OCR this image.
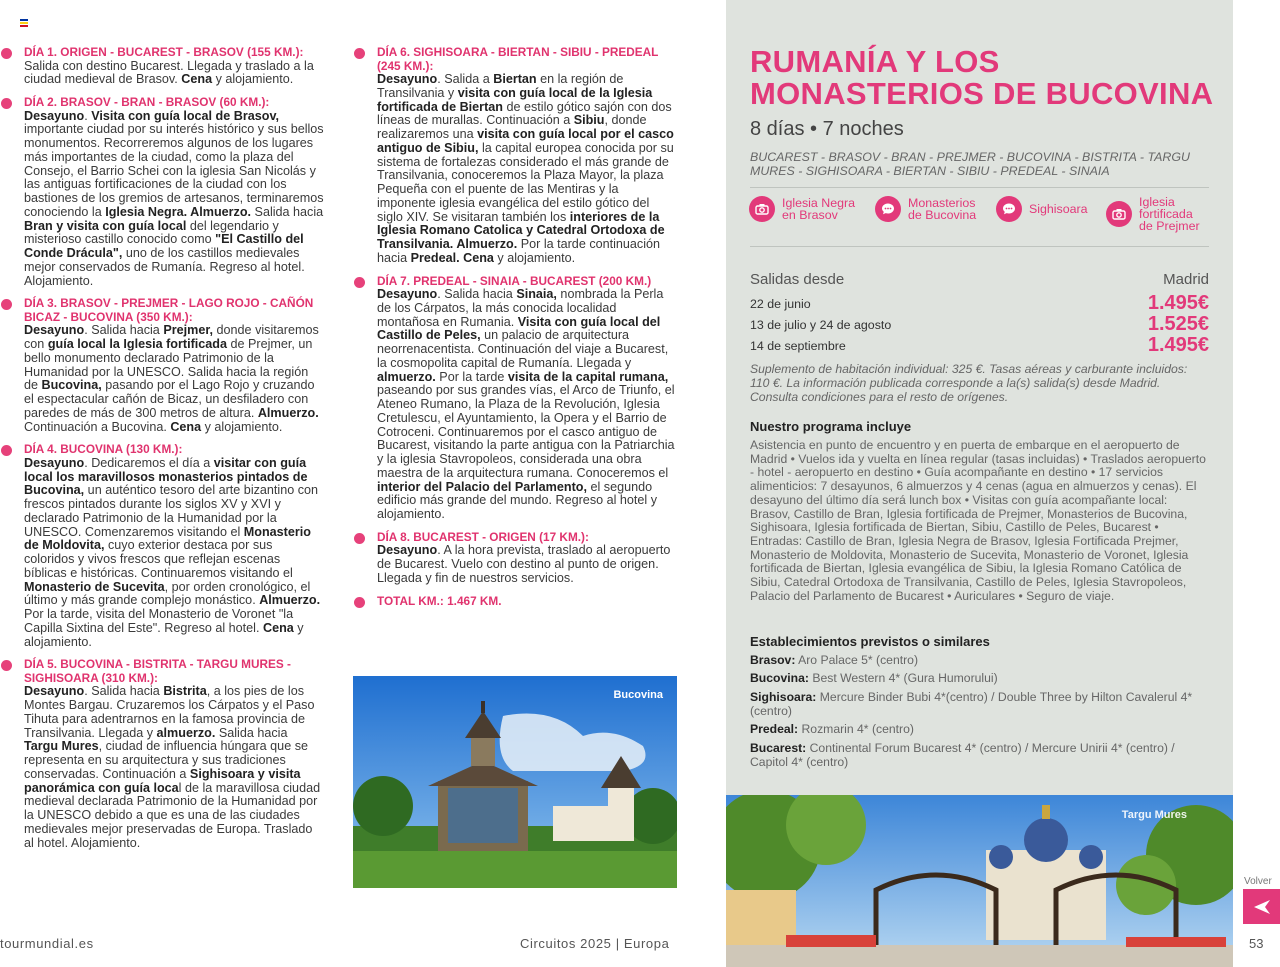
DÍA 1. ORIGEN - BUCAREST - BRASOV (155 KM.):
Salida con destino Bucarest. Llegada y traslado a la ciudad medieval de Brasov. Cena y alojamiento.
DÍA 2. BRASOV - BRAN - BRASOV (60 KM.):
Desayuno. Visita con guía local de Brasov, importante ciudad por su interés histórico y sus bellos monumentos. Recorreremos algunos de los lugares más importantes de la ciudad, como la plaza del Consejo, el Barrio Schei con la iglesia San Nicolás y las antiguas fortificaciones de la ciudad con los bastiones de los gremios de artesanos, terminaremos conociendo la Iglesia Negra. Almuerzo. Salida hacia Bran y visita con guía local del legendario y misterioso castillo conocido como "El Castillo del Conde Drácula", uno de los castillos medievales mejor conservados de Rumanía. Regreso al hotel. Alojamiento.
DÍA 3. BRASOV - PREJMER - LAGO ROJO - CAÑÓN BICAZ - BUCOVINA (350 KM.):
Desayuno. Salida hacia Prejmer, donde visitaremos con guía local la Iglesia fortificada de Prejmer, un bello monumento declarado Patrimonio de la Humanidad por la UNESCO. Salida hacia la región de Bucovina, pasando por el Lago Rojo y cruzando el espectacular cañón de Bicaz, un desfiladero con paredes de más de 300 metros de altura. Almuerzo. Continuación a Bucovina. Cena y alojamiento.
DÍA 4. BUCOVINA (130 KM.):
Desayuno. Dedicaremos el día a visitar con guía local los maravillosos monasterios pintados de Bucovina, un auténtico tesoro del arte bizantino con frescos pintados durante los siglos XV y XVI y declarado Patrimonio de la Humanidad por la UNESCO. Comenzaremos visitando el Monasterio de Moldovita, cuyo exterior destaca por sus coloridos y vivos frescos que reflejan escenas bíblicas e históricas. Continuaremos visitando el Monasterio de Sucevita, por orden cronológico, el último y más grande complejo monástico. Almuerzo. Por la tarde, visita del Monasterio de Voronet "la Capilla Sixtina del Este". Regreso al hotel. Cena y alojamiento.
DÍA 5. BUCOVINA - BISTRITA - TARGU MURES - SIGHISOARA (310 KM.):
Desayuno. Salida hacia Bistrita, a los pies de los Montes Bargau. Cruzaremos los Cárpatos y el Paso Tihuta para adentrarnos en la famosa provincia de Transilvania. Llegada y almuerzo. Salida hacia Targu Mures, ciudad de influencia húngara que se representa en su arquitectura y sus tradiciones conservadas. Continuación a Sighisoara y visita panorámica con guía local de la maravillosa ciudad medieval declarada Patrimonio de la Humanidad por la UNESCO debido a que es una de las ciudades medievales mejor preservadas de Europa. Traslado al hotel. Alojamiento.
DÍA 6. SIGHISOARA - BIERTAN - SIBIU - PREDEAL (245 KM.):
Desayuno. Salida a Biertan en la región de Transilvania y visita con guía local de la Iglesia fortificada de Biertan de estilo gótico sajón con dos líneas de murallas. Continuación a Sibiu, donde realizaremos una visita con guía local por el casco antiguo de Sibiu, la capital europea conocida por su sistema de fortalezas considerado el más grande de Transilvania, conoceremos la Plaza Mayor, la plaza Pequeña con el puente de las Mentiras y la imponente iglesia evangélica del estilo gótico del siglo XIV. Se visitaran también los interiores de la Iglesia Romano Catolica y Catedral Ortodoxa de Transilvania. Almuerzo. Por la tarde continuación hacia Predeal. Cena y alojamiento.
DÍA 7. PREDEAL - SINAIA - BUCAREST (200 KM.)
Desayuno. Salida hacia Sinaia, nombrada la Perla de los Cárpatos, la más conocida localidad montañosa en Rumania. Visita con guía local del Castillo de Peles, un palacio de arquitectura neorrenacentista. Continuación del viaje a Bucarest, la cosmopolita capital de Rumanía. Llegada y almuerzo. Por la tarde visita de la capital rumana, paseando por sus grandes vías, el Arco de Triunfo, el Ateneo Rumano, la Plaza de la Revolución, Iglesia Cretulescu, el Ayuntamiento, la Opera y el Barrio de Cotroceni. Continuaremos por el casco antiguo de Bucarest, visitando la parte antigua con la Patriarchia y la iglesia Stavropoleos, considerada una obra maestra de la arquitectura rumana. Conoceremos el interior del Palacio del Parlamento, el segundo edificio más grande del mundo. Regreso al hotel y alojamiento.
DÍA 8. BUCAREST - ORIGEN (17 KM.):
Desayuno. A la hora prevista, traslado al aeropuerto de Bucarest. Vuelo con destino al punto de origen. Llegada y fin de nuestros servicios.
TOTAL KM.: 1.467 KM.
Bucovina
RUMANÍA Y LOS MONASTERIOS DE BUCOVINA
8 días • 7 noches
BUCAREST - BRASOV - BRAN - PREJMER - BUCOVINA - BISTRITA - TARGU MURES - SIGHISOARA - BIERTAN - SIBIU - PREDEAL - SINAIA
Iglesia Negra en Brasov
Monasterios de Bucovina	Sighisoara	Iglesia fortificada de Prejmer
Salidas desde	Madrid
22 de junio	1.495€
13 de julio y 24 de agosto	1.525€
14 de septiembre	1.495€
Suplemento de habitación individual: 325 €. Tasas aéreas y carburante incluidos: 110 €. La información publicada corresponde a la(s) salida(s) desde Madrid. Consulta condiciones para el resto de orígenes.
Nuestro programa incluye
Asistencia en punto de encuentro y en puerta de embarque en el aeropuerto de Madrid • Vuelos ida y vuelta en línea regular (tasas incluidas) • Traslados aeropuerto - hotel - aeropuerto en destino • Guía acompañante en destino • 17 servicios alimenticios: 7 desayunos, 6 almuerzos y 4 cenas (agua en almuerzos y cenas). El desayuno del último día será lunch box • Visitas con guía acompañante local: Brasov, Castillo de Bran, Iglesia fortificada de Prejmer, Monasterios de Bucovina, Sighisoara, Iglesia fortificada de Biertan, Sibiu, Castillo de Peles, Bucarest • Entradas: Castillo de Bran, Iglesia Negra de Brasov, Iglesia Fortificada Prejmer, Monasterio de Moldovita, Monasterio de Sucevita, Monasterio de Voronet, Iglesia fortificada de Biertan, Iglesia evangélica de Sibiu, la Iglesia Romano Católica de Sibiu, Catedral Ortodoxa de Transilvania, Castillo de Peles, Iglesia Stavropoleos, Palacio del Parlamento de Bucarest • Auriculares • Seguro de viaje.
Establecimientos previstos o similares
Brasov: Aro Palace 5* (centro)
Bucovina: Best Western 4* (Gura Humorului)
Sighisoara: Mercure Binder Bubi 4*(centro) / Double Three by Hilton Cavalerul 4* (centro)
Predeal: Rozmarin 4* (centro)
Bucarest: Continental Forum Bucarest 4* (centro) / Mercure Unirii 4* (centro) / Capitol 4* (centro)
Targu Mures
tourmundial.es	Circuitos 2025 | Europa
Volver
53
